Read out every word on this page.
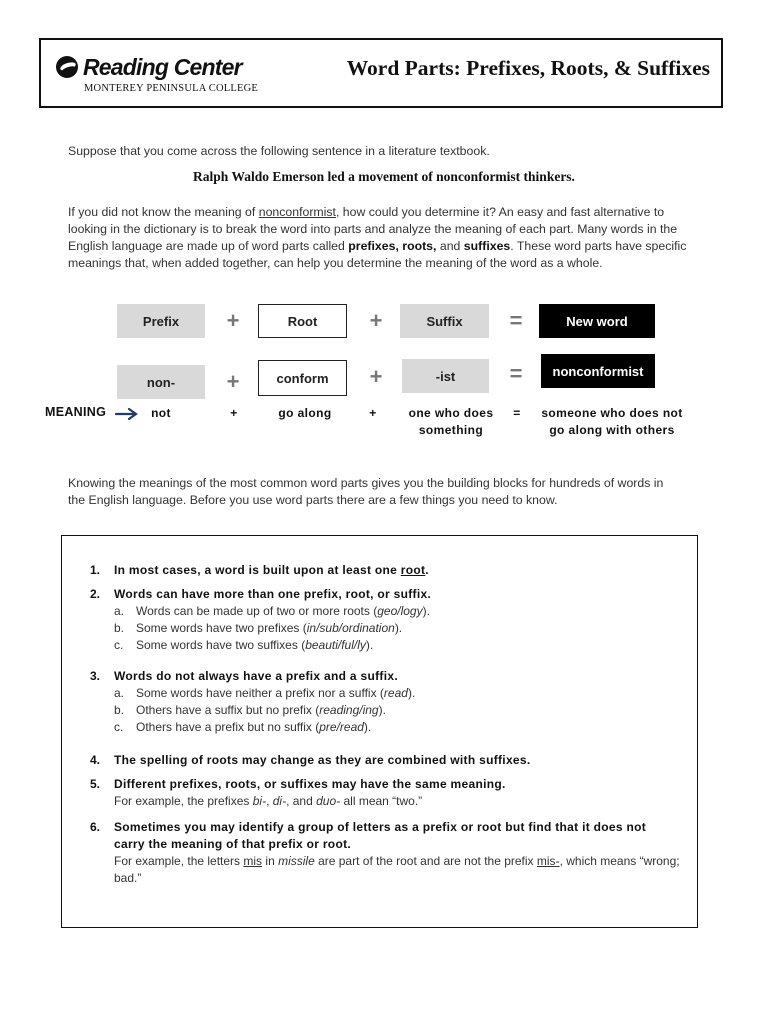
Reading Center
MONTEREY PENINSULA COLLEGE
Word Parts: Prefixes, Roots, & Suffixes
Suppose that you come across the following sentence in a literature textbook.
Ralph Waldo Emerson led a movement of nonconformist thinkers.
If you did not know the meaning of nonconformist, how could you determine it? An easy and fast alternative to looking in the dictionary is to break the word into parts and analyze the meaning of each part. Many words in the English language are made up of word parts called prefixes, roots, and suffixes. These word parts have specific meanings that, when added together, can help you determine the meaning of the word as a whole.
Prefix	+	Root	+	Suffix	=	New word
non-	+	conform	+	-ist	=	nonconformist
MEANING	not	+	go along	+	one who does
something
=	someone who does not
go along with others
Knowing the meanings of the most common word parts gives you the building blocks for hundreds of words in the English language. Before you use word parts there are a few things you need to know.
1. In most cases, a word is built upon at least one root.
2. Words can have more than one prefix, root, or suffix.
a. Words can be made up of two or more roots (geo/logy).
b. Some words have two prefixes (in/sub/ordination).
c. Some words have two suffixes (beauti/ful/ly).
3. Words do not always have a prefix and a suffix.
a. Some words have neither a prefix nor a suffix (read).
b. Others have a suffix but no prefix (reading/ing).
c. Others have a prefix but no suffix (pre/read).
4. The spelling of roots may change as they are combined with suffixes.
5. Different prefixes, roots, or suffixes may have the same meaning.
For example, the prefixes bi-, di-, and duo- all mean “two.”
6. Sometimes you may identify a group of letters as a prefix or root but find that it does not carry the meaning of that prefix or root.
For example, the letters mis in missile are part of the root and are not the prefix mis-, which means “wrong; bad.”
